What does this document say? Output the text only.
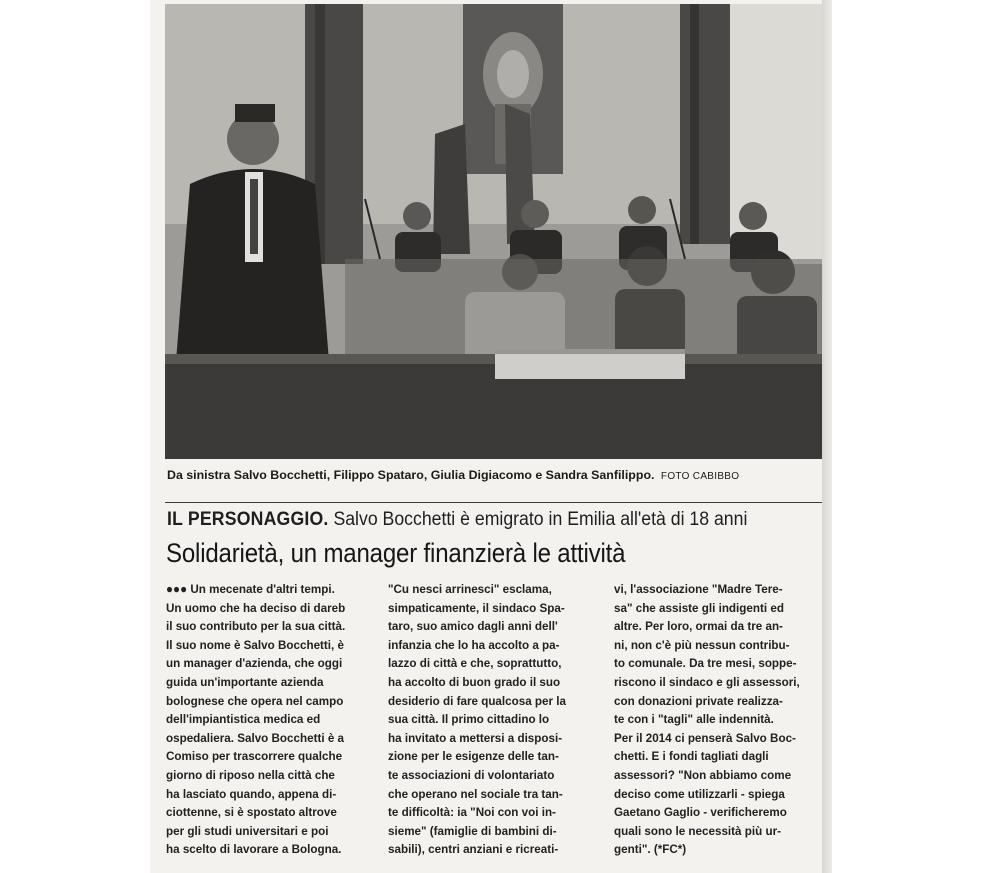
Da sinistra Salvo Bocchetti, Filippo Spataro, Giulia Digiacomo e Sandra Sanfilippo. FOTO CABIBBO
IL PERSONAGGIO. Salvo Bocchetti è emigrato in Emilia all'età di 18 anni
Solidarietà, un manager finanzierà le attività
●●● Un mecenate d'altri tempi.
Un uomo che ha deciso di dareb
il suo contributo per la sua città.
Il suo nome è Salvo Bocchetti, è
un manager d'azienda, che oggi
guida un'importante azienda
bolognese che opera nel campo
dell'impiantistica medica ed
ospedaliera. Salvo Bocchetti è a
Comiso per trascorrere qualche
giorno di riposo nella città che
ha lasciato quando, appena di-
ciottenne, si è spostato altrove
per gli studi universitari e poi
ha scelto di lavorare a Bologna.
"Cu nesci arrinesci" esclama,
simpaticamente, il sindaco Spa-
taro, suo amico dagli anni dell'
infanzia che lo ha accolto a pa-
lazzo di città e che, soprattutto,
ha accolto di buon grado il suo
desiderio di fare qualcosa per la
sua città. Il primo cittadino lo
ha invitato a mettersi a disposi-
zione per le esigenze delle tan-
te associazioni di volontariato
che operano nel sociale tra tan-
te difficoltà: ia "Noi con voi in-
sieme" (famiglie di bambini di-
sabili), centri anziani e ricreati-
vi, l'associazione "Madre Tere-
sa" che assiste gli indigenti ed
altre. Per loro, ormai da tre an-
ni, non c'è più nessun contribu-
to comunale. Da tre mesi, soppe-
riscono il sindaco e gli assessori,
con donazioni private realizza-
te con i "tagli" alle indennità.
Per il 2014 ci penserà Salvo Boc-
chetti. E i fondi tagliati dagli
assessori? "Non abbiamo come
deciso come utilizzarli - spiega
Gaetano Gaglio - verificheremo
quali sono le necessità più ur-
genti". (*FC*)
